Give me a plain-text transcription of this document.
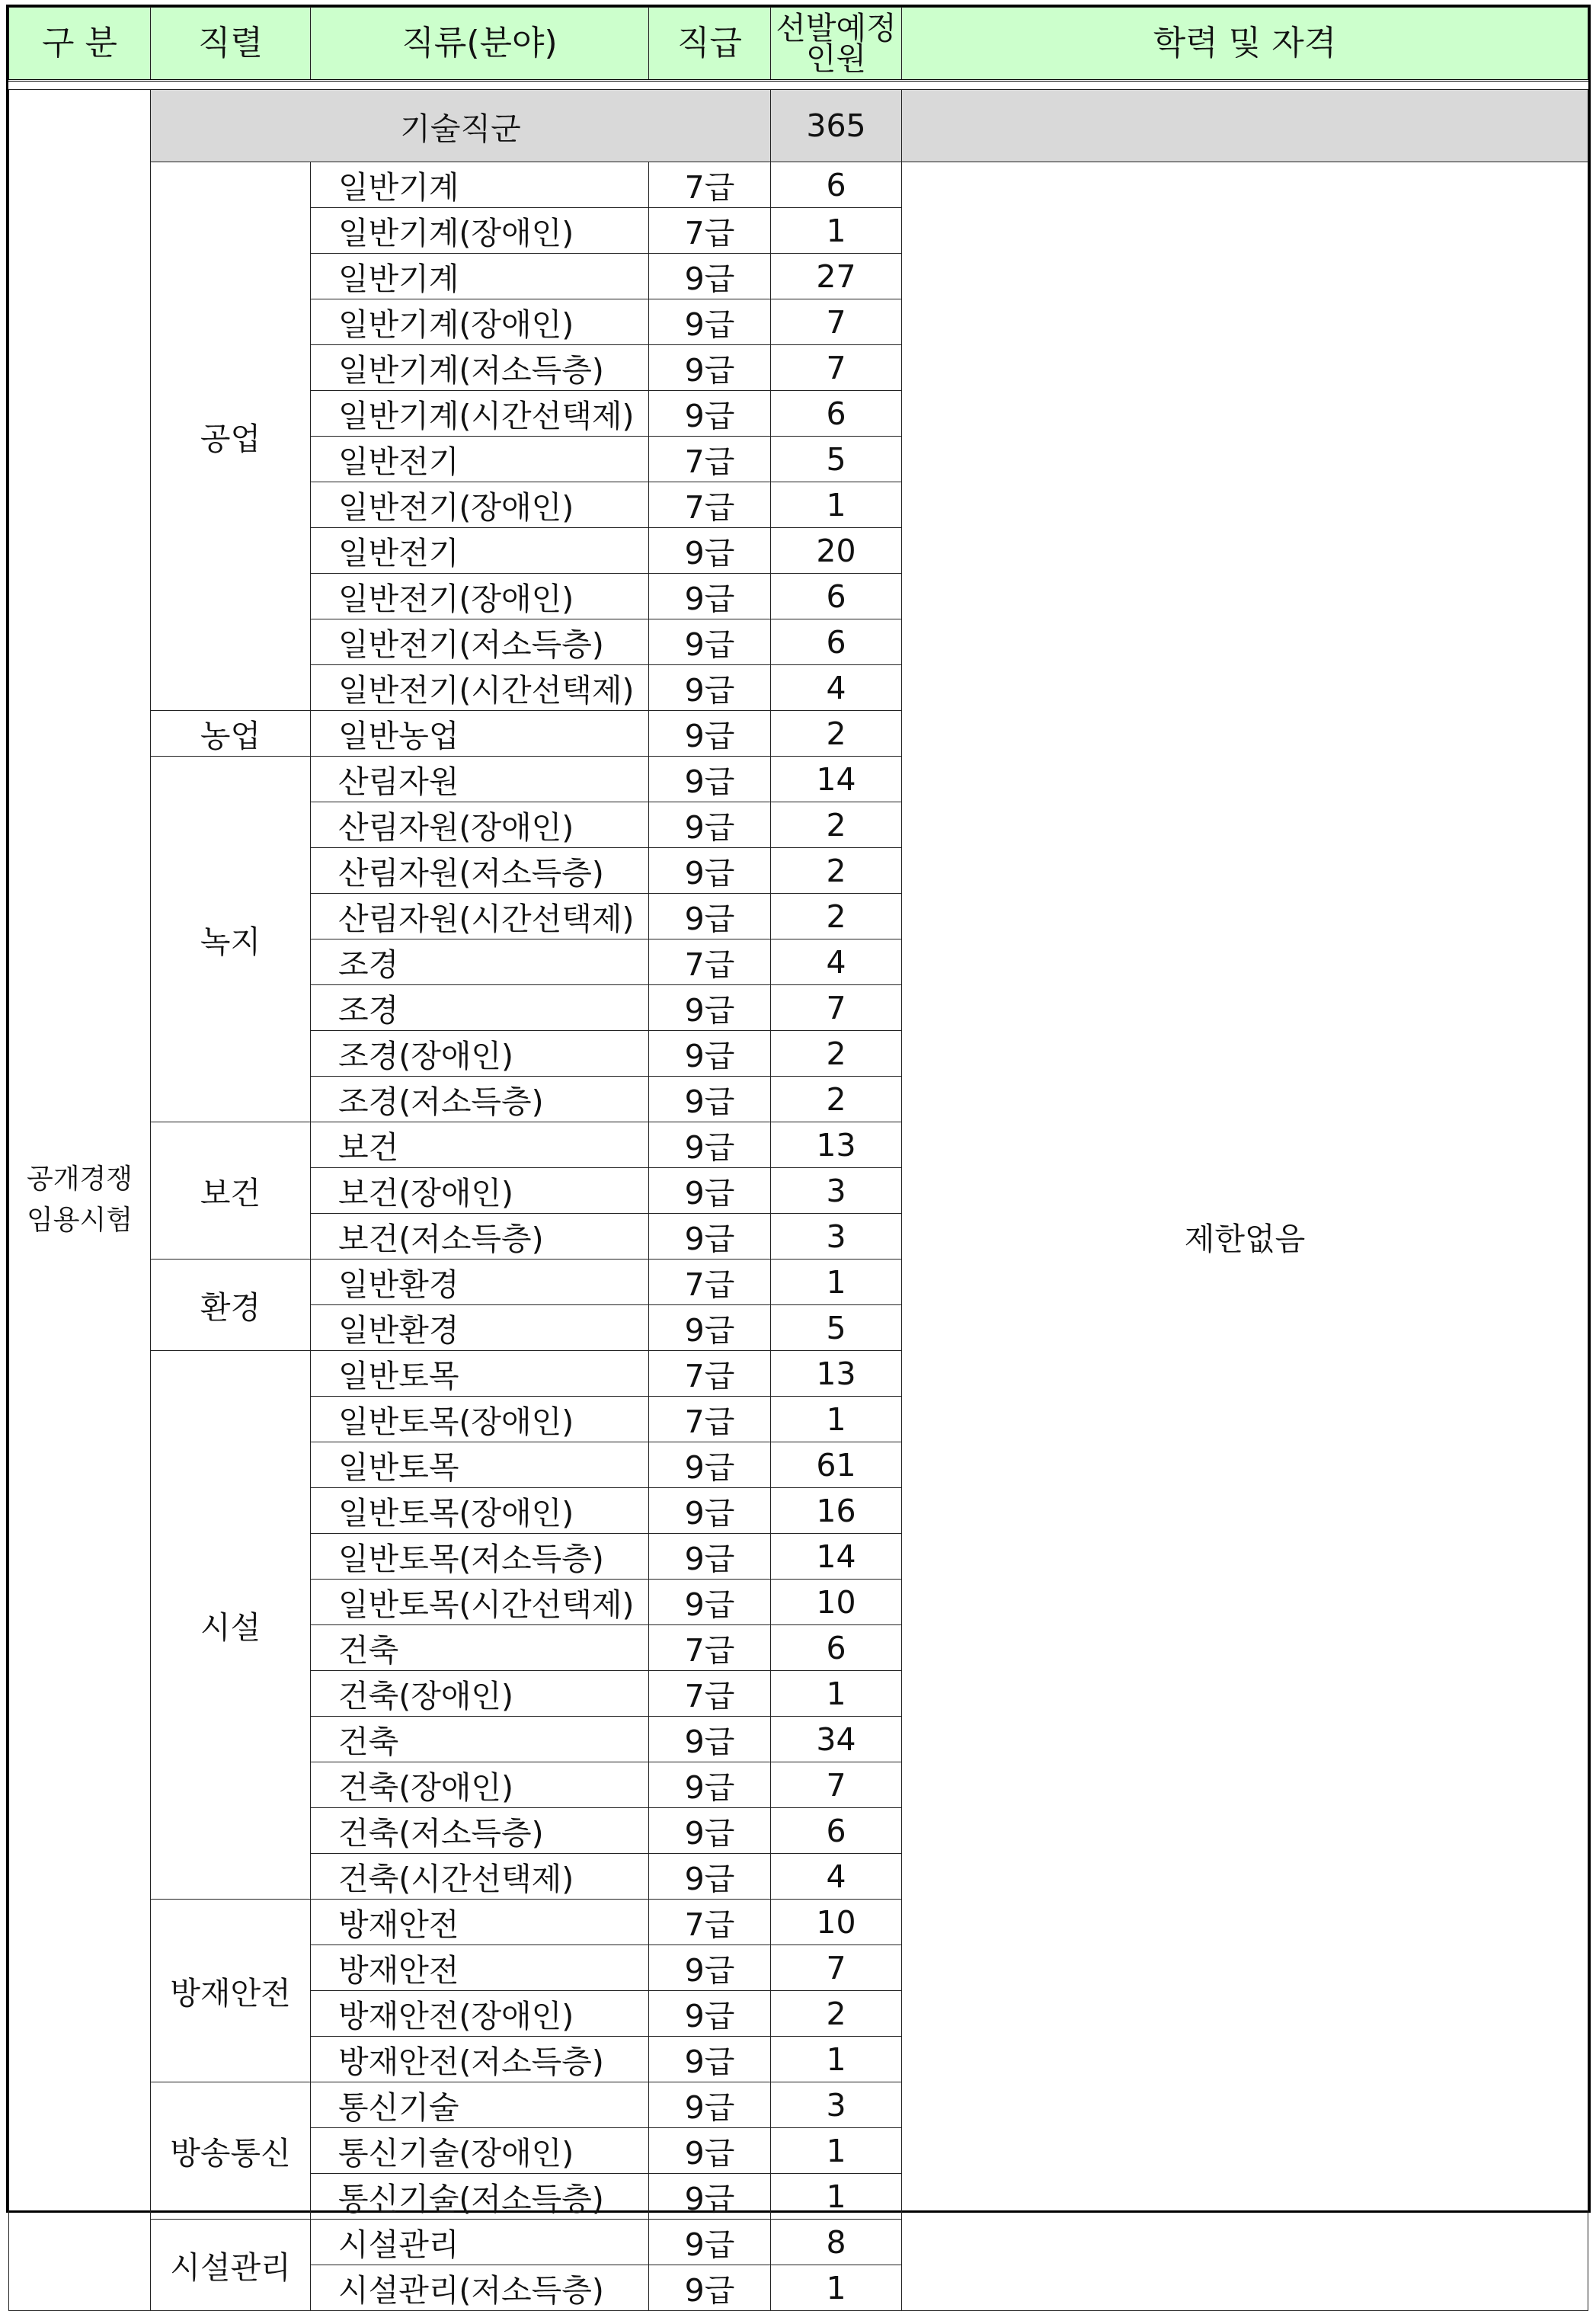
구 분	직렬	직류(분야)	직급	선발예정 인원	학력 및 자격

공개경쟁
임용시험	기술직군			365	
	공업	일반기계	7급	6	제한없음
		일반기계(장애인)	7급	1	
		일반기계	9급	27	
		일반기계(장애인)	9급	7	
		일반기계(저소득층)	9급	7	
		일반기계(시간선택제)	9급	6	
		일반전기	7급	5	
		일반전기(장애인)	7급	1	
		일반전기	9급	20	
		일반전기(장애인)	9급	6	
		일반전기(저소득층)	9급	6	
		일반전기(시간선택제)	9급	4	
	농업	일반농업	9급	2	
	녹지	산림자원	9급	14	
		산림자원(장애인)	9급	2	
		산림자원(저소득층)	9급	2	
		산림자원(시간선택제)	9급	2	
		조경	7급	4	
		조경	9급	7	
		조경(장애인)	9급	2	
		조경(저소득층)	9급	2	
	보건	보건	9급	13	
		보건(장애인)	9급	3	
		보건(저소득층)	9급	3	
	환경	일반환경	7급	1	
		일반환경	9급	5	
	시설	일반토목	7급	13	
		일반토목(장애인)	7급	1	
		일반토목	9급	61	
		일반토목(장애인)	9급	16	
		일반토목(저소득층)	9급	14	
		일반토목(시간선택제)	9급	10	
		건축	7급	6	
		건축(장애인)	7급	1	
		건축	9급	34	
		건축(장애인)	9급	7	
		건축(저소득층)	9급	6	
		건축(시간선택제)	9급	4	
	방재안전	방재안전	7급	10	
		방재안전	9급	7	
		방재안전(장애인)	9급	2	
		방재안전(저소득층)	9급	1	
	방송통신	통신기술	9급	3	
		통신기술(장애인)	9급	1	
		통신기술(저소득층)	9급	1	
	시설관리	시설관리	9급	8	
		시설관리(저소득층)	9급	1	
